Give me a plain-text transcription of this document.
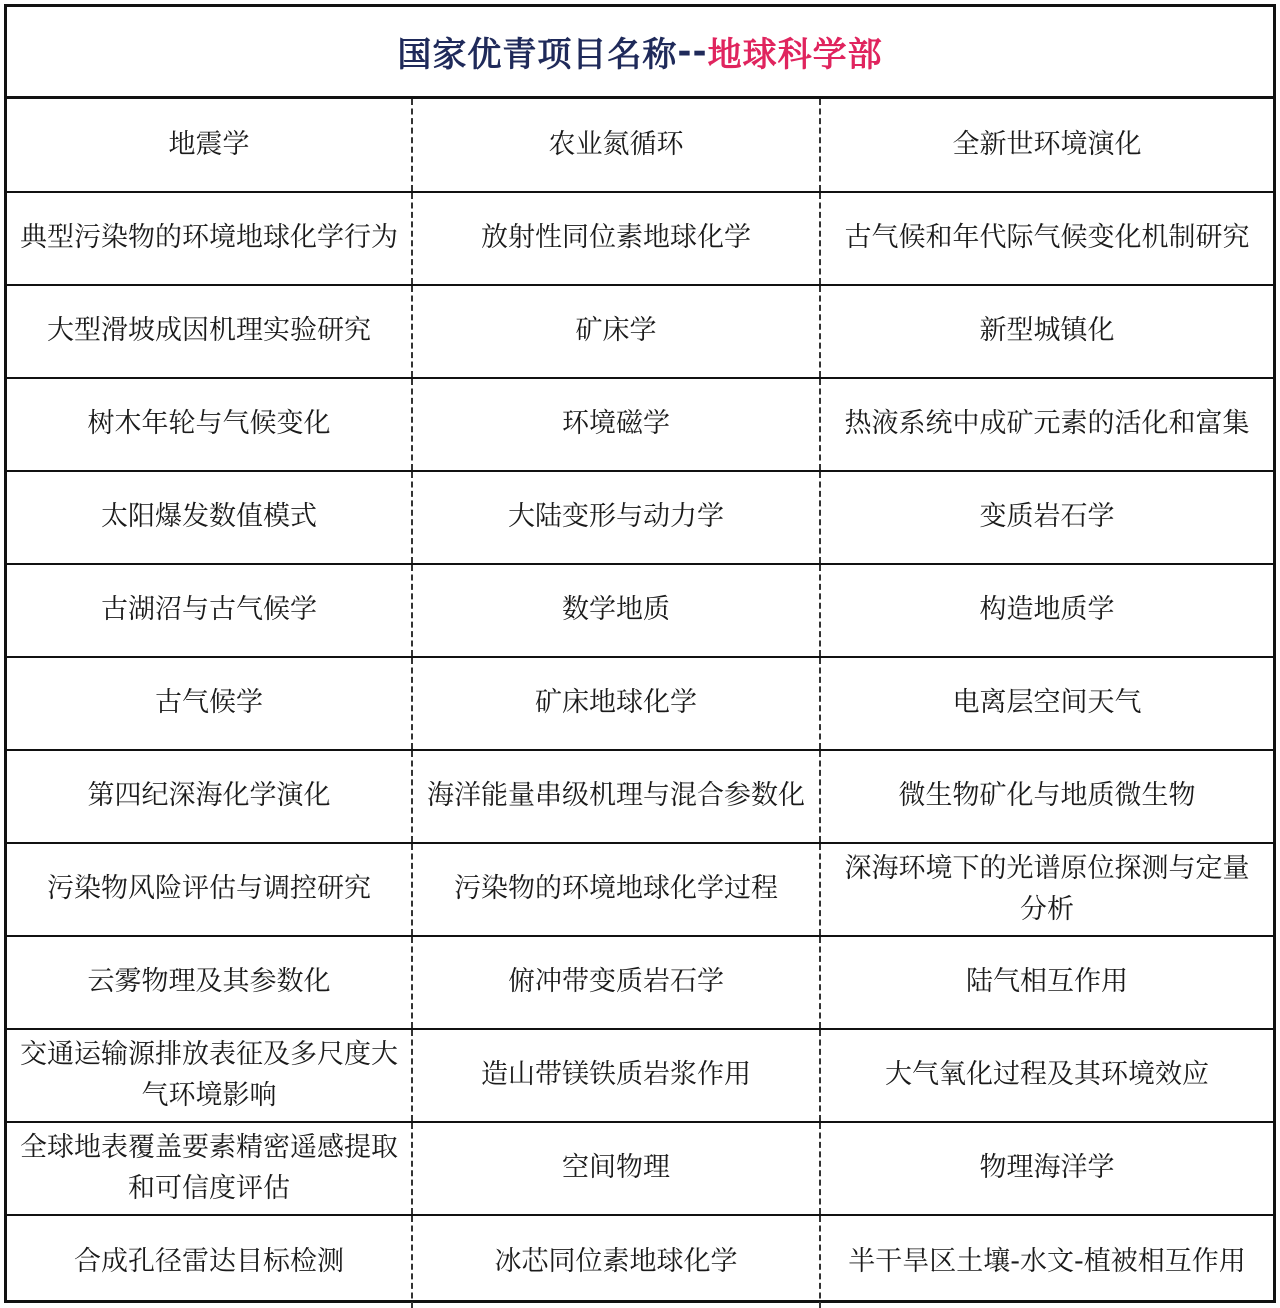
国家优青项目名称 -- 地球科学部
地震学	农业氮循环	全新世环境演化
典型污染物的环境地球化学行为	放射性同位素地球化学	古气候和年代际气候变化机制研究
大型滑坡成因机理实验研究	矿床学	新型城镇化
树木年轮与气候变化	环境磁学	热液系统中成矿元素的活化和富集
太阳爆发数值模式	大陆变形与动力学	变质岩石学
古湖沼与古气候学	数学地质	构造地质学
古气候学	矿床地球化学	电离层空间天气
第四纪深海化学演化	海洋能量串级机理与混合参数化	微生物矿化与地质微生物
污染物风险评估与调控研究	污染物的环境地球化学过程	深海环境下的光谱原位探测与定量分析
云雾物理及其参数化	俯冲带变质岩石学	陆气相互作用
交通运输源排放表征及多尺度大气环境影响	造山带镁铁质岩浆作用	大气氧化过程及其环境效应
全球地表覆盖要素精密遥感提取和可信度评估	空间物理	物理海洋学
合成孔径雷达目标检测	冰芯同位素地球化学	半干旱区土壤-水文-植被相互作用
